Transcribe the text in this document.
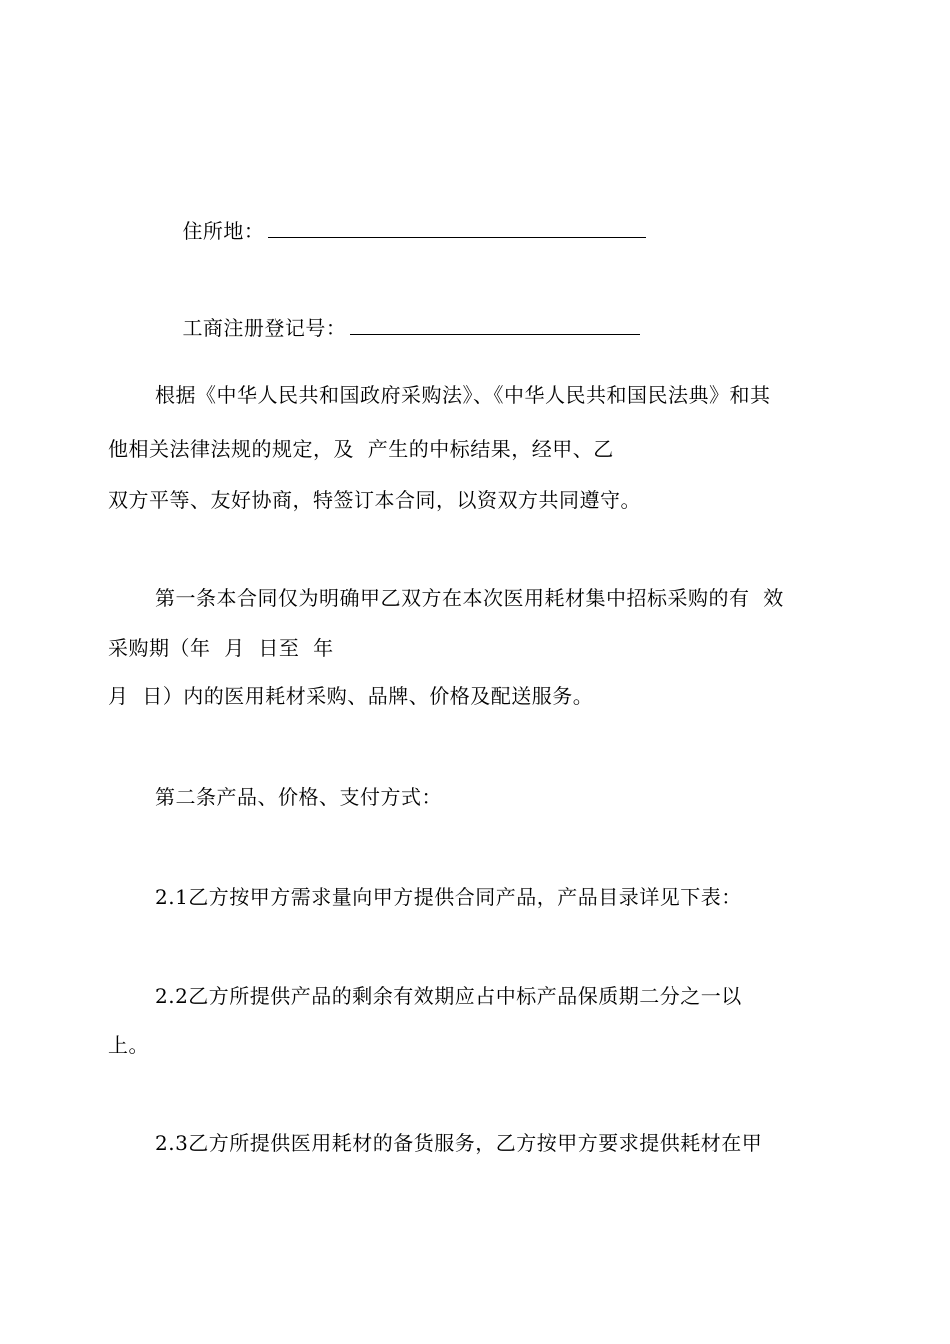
住所地：

工商注册登记号：

根据《中华人民共和国政府采购法》、《中华人民共和国民法典》和其
他相关法律法规的规定，及  产生的中标结果，经甲、乙
双方平等、友好协商，特签订本合同，以资双方共同遵守。
第一条本合同仅为明确甲乙双方在本次医用耗材集中招标采购的有  效
采购期（年  月  日至  年
月  日）内的医用耗材采购、品牌、价格及配送服务。
第二条产品、价格、支付方式：
2.1乙方按甲方需求量向甲方提供合同产品，产品目录详见下表：
2.2乙方所提供产品的剩余有效期应占中标产品保质期二分之一以
上。
2.3乙方所提供医用耗材的备货服务，乙方按甲方要求提供耗材在甲
